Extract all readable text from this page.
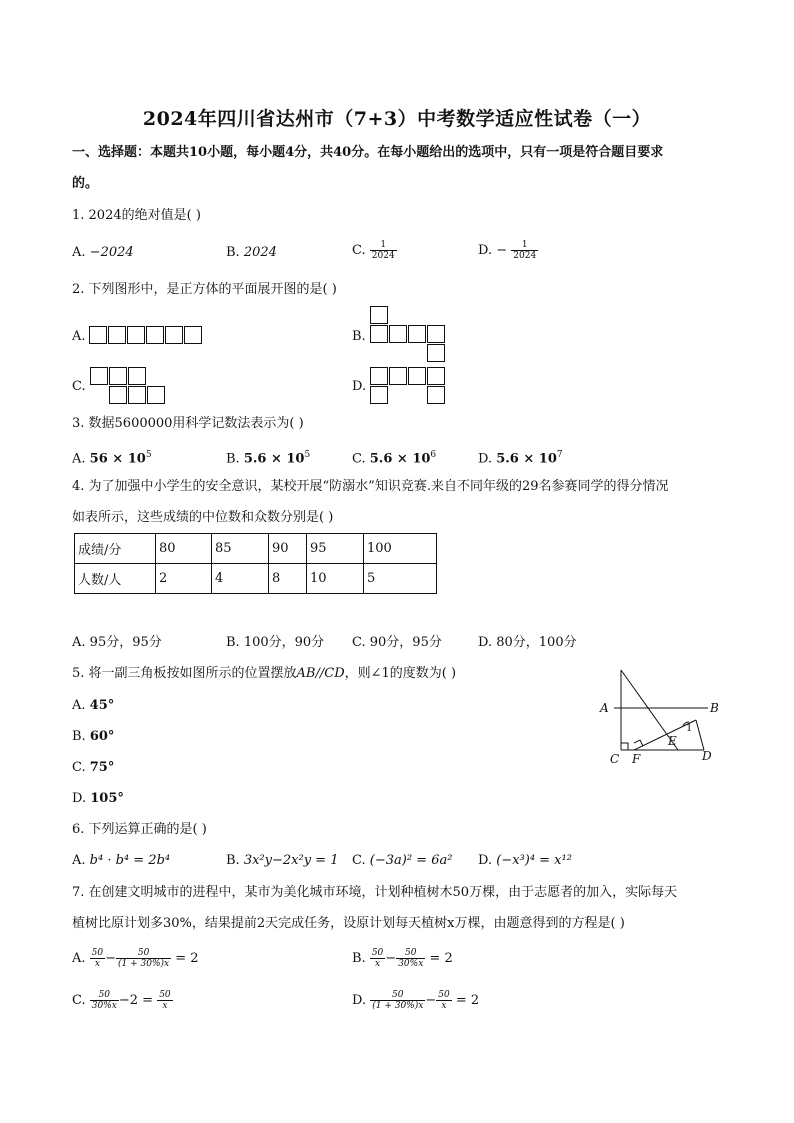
2024年四川省达州市（7+3）中考数学适应性试卷（一）
一、选择题：本题共10小题，每小题4分，共40分。在每小题给出的选项中，只有一项是符合题目要求
的。
1. 2024的绝对值是( )
A. −2024	B. 2024	C. $\frac{1}{2024}$	D. − $\frac{1}{2024}$
2. 下列图形中，是正方体的平面展开图的是( )
A.	B.
C.	D.
3. 数据5600000用科学记数法表示为( )
A. $56 \times 10^5$	B. $5.6 \times 10^5$	C. $5.6 \times 10^6$	D. $5.6 \times 10^7$
4. 为了加强中小学生的安全意识，某校开展“防溺水”知识竞赛.来自不同年级的29名参赛同学的得分情况
如表所示，这些成绩的中位数和众数分别是( )
成绩/分	80	85	90	95	100
人数/人	2	4	8	10	5
A. 95分，95分	B. 100分，90分 C. 90分，95分	D. 80分，100分
5. 将一副三角板按如图所示的位置摆放AB//CD，则∠1的度数为( )
A. 45°
B. 60°
C. 75°
D. 105°
A	B
C F
E
D
1
6. 下列运算正确的是( )
A. b⁴ · b⁴ = 2b⁴	B. 3x²y−2x²y = 1 C. (−3a)² = 6a² D. (−x³)⁴ = x¹²
7. 在创建文明城市的进程中，某市为美化城市环境，计划种植树木50万棵，由于志愿者的加入，实际每天
植树比原计划多30%，结果提前2天完成任务，设原计划每天植树x万棵，由题意得到的方程是( )
A. $\frac{50}{x} - \frac{50}{(1 + 30\%)x} = 2$	B. $\frac{50}{x} - \frac{50}{30\%x} = 2$
C. $\frac{50}{30\%x} -2 = \frac{50}{x}$	D. $\frac{50}{(1 + 30\%)x} - \frac{50}{x} = 2$
